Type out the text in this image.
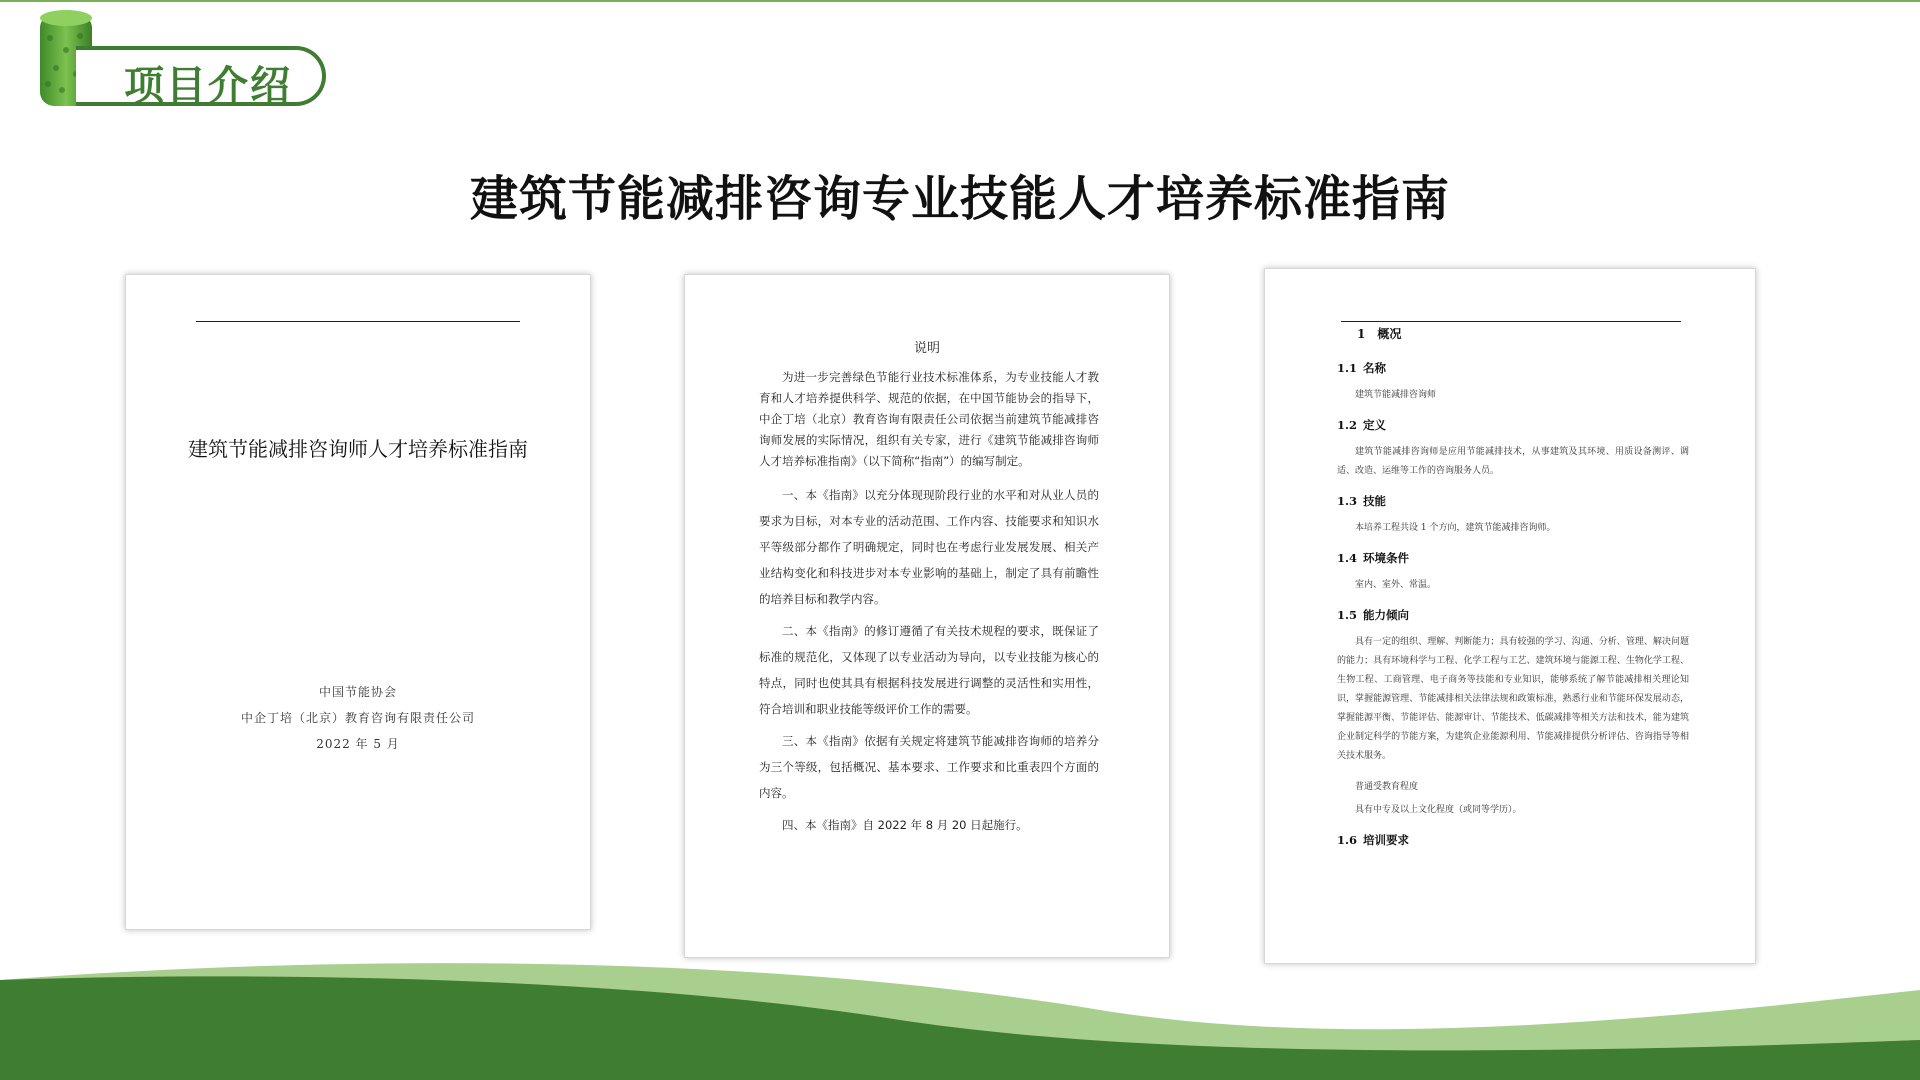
项目介绍
建筑节能减排咨询专业技能人才培养标准指南
建筑节能减排咨询师人才培养标准指南
中国节能协会
中企丁培（北京）教育咨询有限责任公司
2022 年 5 月
说明

为进一步完善绿色节能行业技术标准体系，为专业技能人才教育和人才培养提供科学、规范的依据，在中国节能协会的指导下，中企丁培（北京）教育咨询有限责任公司依据当前建筑节能减排咨询师发展的实际情况，组织有关专家，进行《建筑节能减排咨询师人才培养标准指南》（以下简称“指南”）的编写制定。

一、本《指南》以充分体现现阶段行业的水平和对从业人员的要求为目标，对本专业的活动范围、工作内容、技能要求和知识水平等级部分都作了明确规定，同时也在考虑行业发展发展、相关产业结构变化和科技进步对本专业影响的基础上，制定了具有前瞻性的培养目标和教学内容。

二、本《指南》的修订遵循了有关技术规程的要求，既保证了标准的规范化，又体现了以专业活动为导向，以专业技能为核心的特点，同时也使其具有根据科技发展进行调整的灵活性和实用性，符合培训和职业技能等级评价工作的需要。

三、本《指南》依据有关规定将建筑节能减排咨询师的培养分为三个等级，包括概况、基本要求、工作要求和比重表四个方面的内容。

四、本《指南》自 2022 年 8 月 20 日起施行。

1　概况
1.1 名称

建筑节能减排咨询师

1.2 定义

建筑节能减排咨询师是应用节能减排技术，从事建筑及其环境、用质设备测评、调适、改造、运维等工作的咨询服务人员。

1.3 技能

本培养工程共设 1 个方向，建筑节能减排咨询师。

1.4 环境条件

室内、室外、常温。

1.5 能力倾向

具有一定的组织、理解、判断能力；具有较强的学习、沟通、分析、管理、解决问题的能力；具有环境科学与工程、化学工程与工艺、建筑环境与能源工程、生物化学工程、生物工程、工商管理、电子商务等技能和专业知识，能够系统了解节能减排相关理论知识，掌握能源管理、节能减排相关法律法规和政策标准，熟悉行业和节能环保发展动态，掌握能源平衡、节能评估、能源审计、节能技术、低碳减排等相关方法和技术，能为建筑企业制定科学的节能方案，为建筑企业能源利用、节能减排提供分析评估、咨询指导等相关技术服务。

普通受教育程度

具有中专及以上文化程度（或同等学历）。

1.6 培训要求
